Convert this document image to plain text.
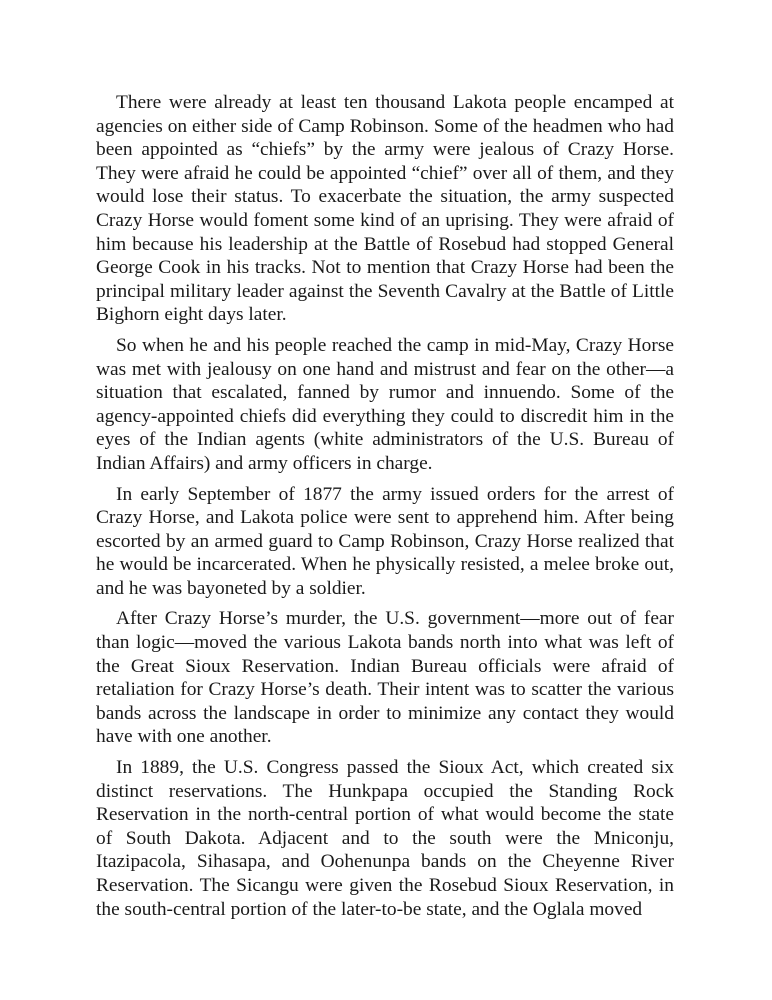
There were already at least ten thousand Lakota people encamped at agencies on either side of Camp Robinson. Some of the headmen who had been appointed as “chiefs” by the army were jealous of Crazy Horse. They were afraid he could be appointed “chief” over all of them, and they would lose their status. To exacerbate the situation, the army suspected Crazy Horse would foment some kind of an uprising. They were afraid of him because his leadership at the Battle of Rosebud had stopped General George Cook in his tracks. Not to mention that Crazy Horse had been the principal military leader against the Seventh Cavalry at the Battle of Little Bighorn eight days later.

So when he and his people reached the camp in mid-May, Crazy Horse was met with jealousy on one hand and mistrust and fear on the other—a situation that escalated, fanned by rumor and innuendo. Some of the agency-appointed chiefs did everything they could to discredit him in the eyes of the Indian agents (white administrators of the U.S. Bureau of Indian Affairs) and army officers in charge.

In early September of 1877 the army issued orders for the arrest of Crazy Horse, and Lakota police were sent to apprehend him. After being escorted by an armed guard to Camp Robinson, Crazy Horse realized that he would be incarcerated. When he physically resisted, a melee broke out, and he was bayoneted by a soldier.

After Crazy Horse’s murder, the U.S. government—more out of fear than logic—moved the various Lakota bands north into what was left of the Great Sioux Reservation. Indian Bureau officials were afraid of retaliation for Crazy Horse’s death. Their intent was to scatter the various bands across the landscape in order to minimize any contact they would have with one another.

In 1889, the U.S. Congress passed the Sioux Act, which created six distinct reservations. The Hunkpapa occupied the Standing Rock Reservation in the north-central portion of what would become the state of South Dakota. Adjacent and to the south were the Mniconju, Itazipacola, Sihasapa, and Oohenunpa bands on the Cheyenne River Reservation. The Sicangu were given the Rosebud Sioux Reservation, in the south-central portion of the later-to-be state, and the Oglala moved
